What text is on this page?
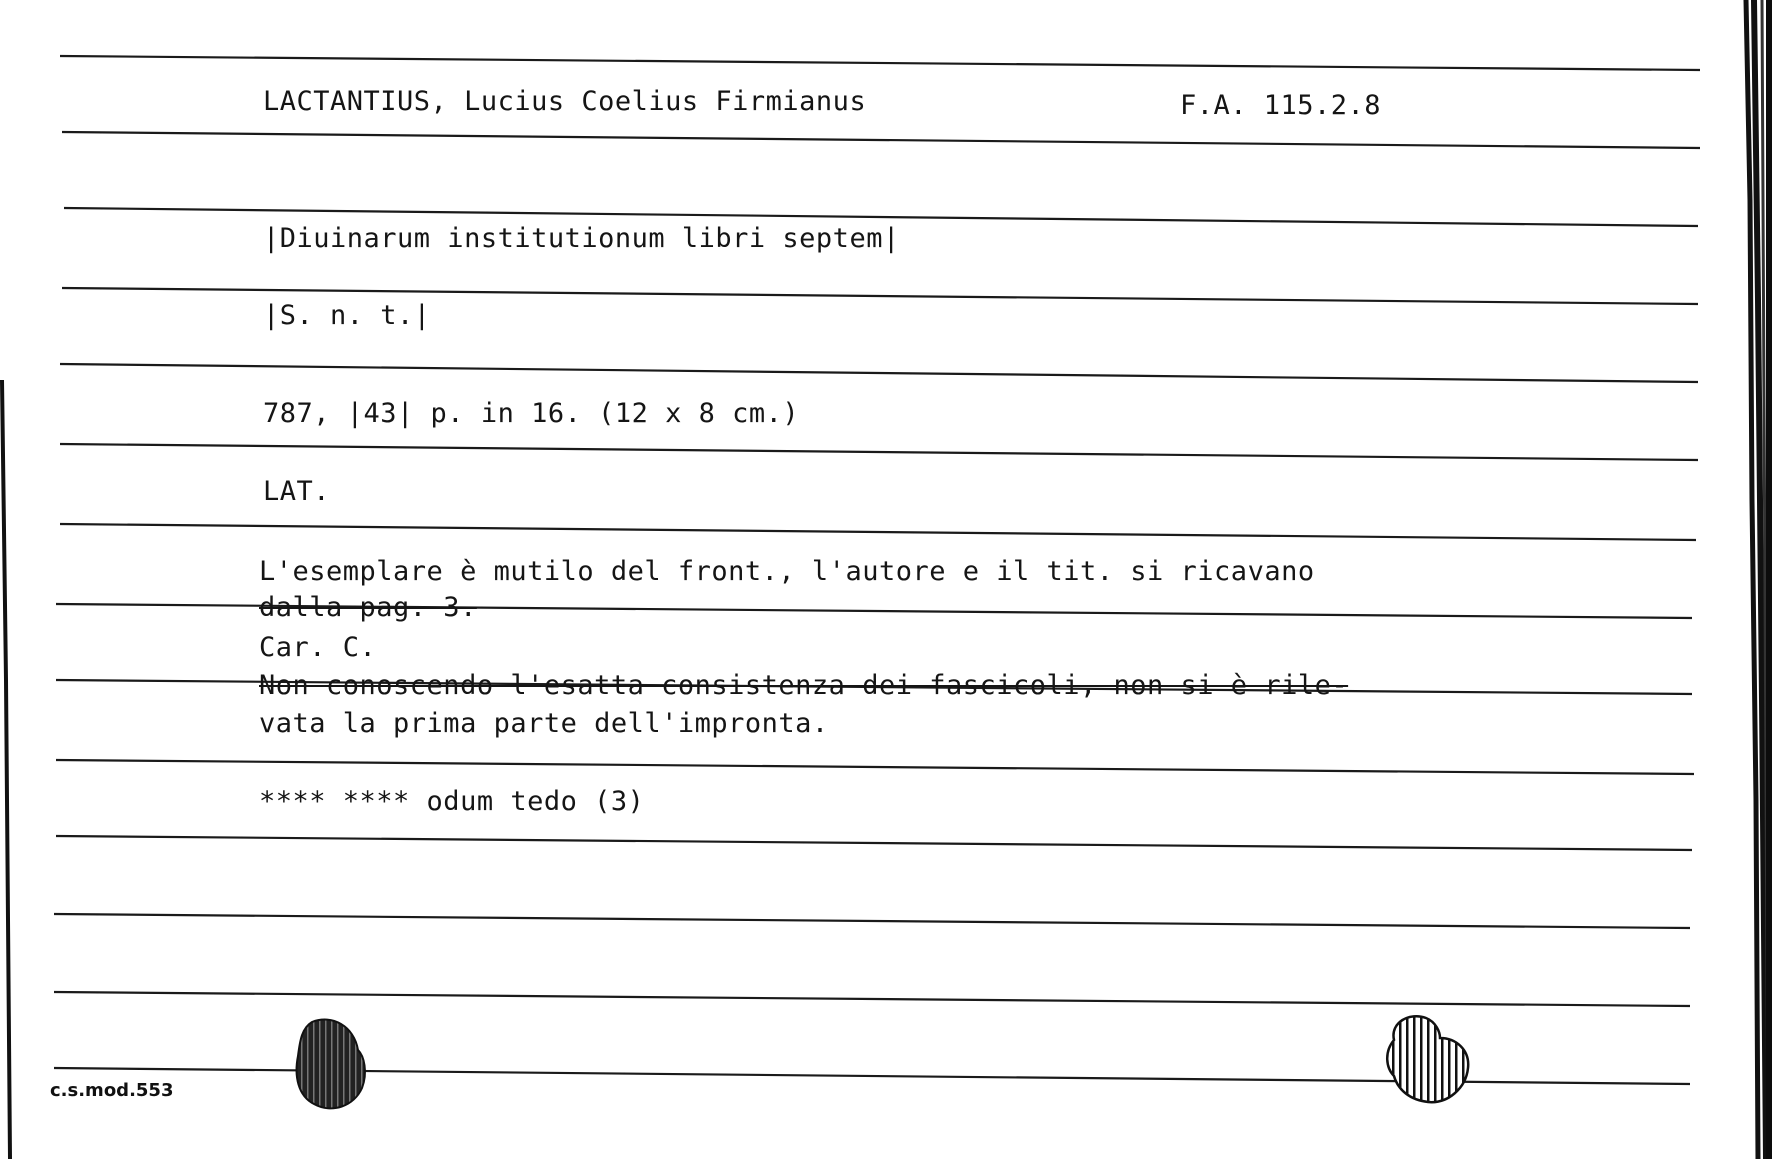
LACTANTIUS, Lucius Coelius Firmianus	F.A. 115.2.8
|Diuinarum institutionum libri septem|
|S. n. t.|
787, |43| p. in 16. (12 x 8 cm.)
LAT.
L'esemplare è mutilo del front., l'autore e il tit. si ricavano
dalla pag. 3.
Car. C.
Non conoscendo l'esatta consistenza dei fascicoli, non si è rile-
vata la prima parte dell'impronta.
**** **** odum tedo (3)
c.s.mod.553
